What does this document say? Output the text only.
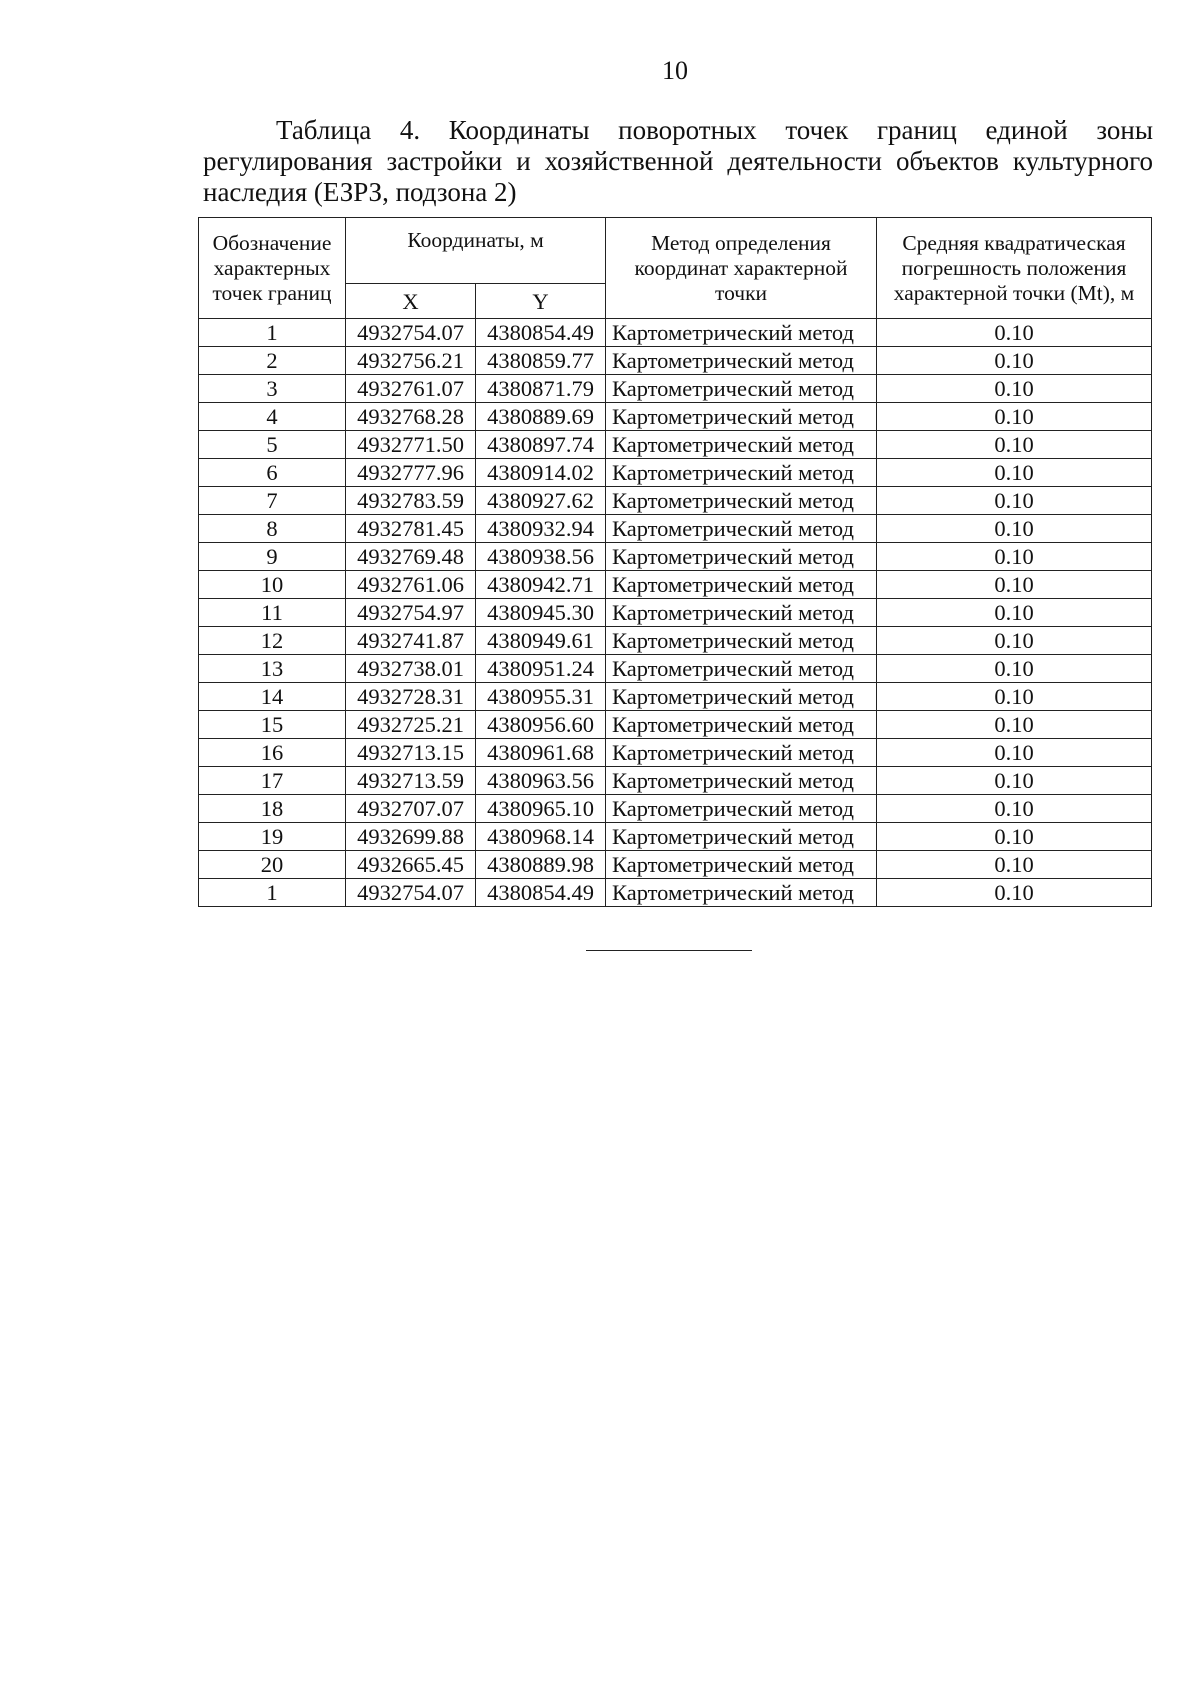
10
Таблица 4. Координаты поворотных точек границ единой зоны регулирования застройки и хозяйственной деятельности объектов культурного наследия (ЕЗРЗ, подзона 2)
Обозначение характерных точек границ	Координаты, м		Метод определения координат характерной точки	Средняя квадратическая погрешность положения характерной точки (Mt), м
	X	Y		
1	4932754.07	4380854.49	Картометрический метод	0.10
2	4932756.21	4380859.77	Картометрический метод	0.10
3	4932761.07	4380871.79	Картометрический метод	0.10
4	4932768.28	4380889.69	Картометрический метод	0.10
5	4932771.50	4380897.74	Картометрический метод	0.10
6	4932777.96	4380914.02	Картометрический метод	0.10
7	4932783.59	4380927.62	Картометрический метод	0.10
8	4932781.45	4380932.94	Картометрический метод	0.10
9	4932769.48	4380938.56	Картометрический метод	0.10
10	4932761.06	4380942.71	Картометрический метод	0.10
11	4932754.97	4380945.30	Картометрический метод	0.10
12	4932741.87	4380949.61	Картометрический метод	0.10
13	4932738.01	4380951.24	Картометрический метод	0.10
14	4932728.31	4380955.31	Картометрический метод	0.10
15	4932725.21	4380956.60	Картометрический метод	0.10
16	4932713.15	4380961.68	Картометрический метод	0.10
17	4932713.59	4380963.56	Картометрический метод	0.10
18	4932707.07	4380965.10	Картометрический метод	0.10
19	4932699.88	4380968.14	Картометрический метод	0.10
20	4932665.45	4380889.98	Картометрический метод	0.10
1	4932754.07	4380854.49	Картометрический метод	0.10
